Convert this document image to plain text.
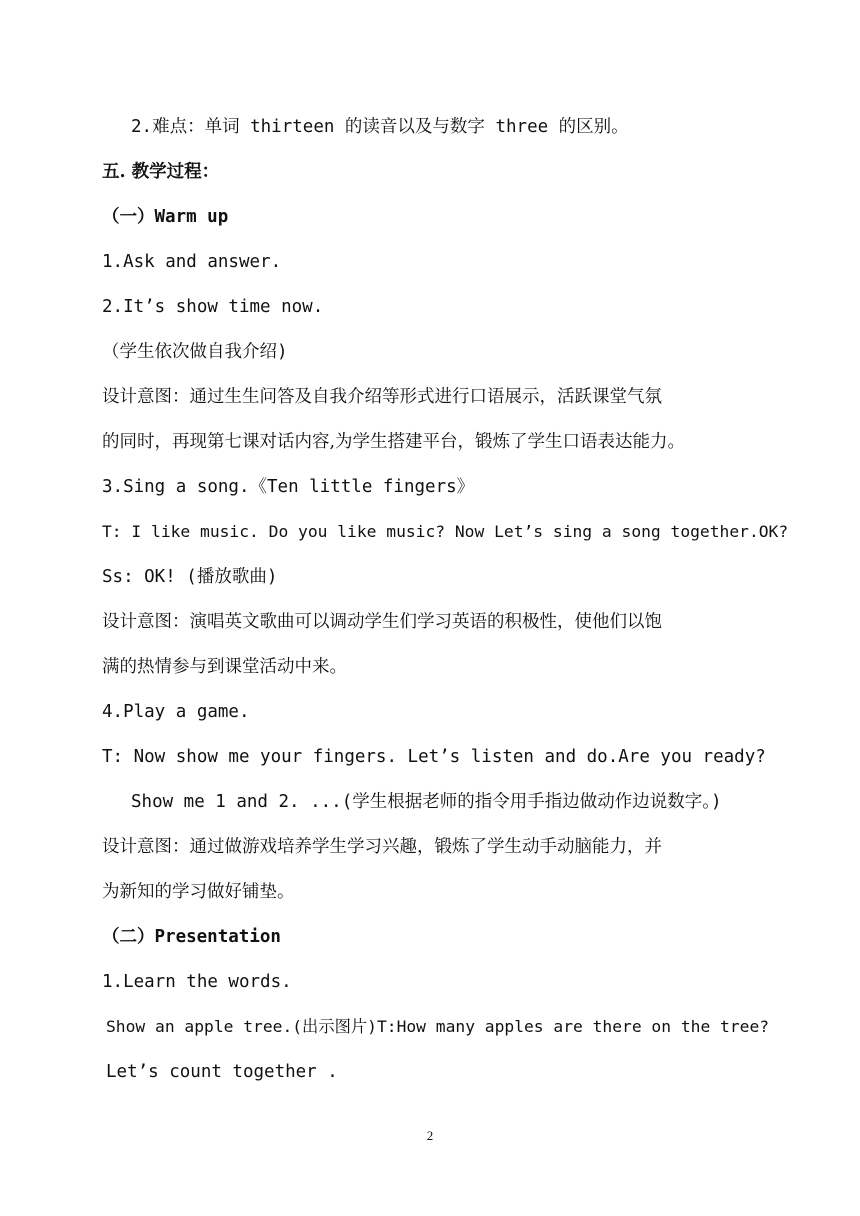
2.难点：单词 thirteen 的读音以及与数字 three 的区别。
五. 教学过程：
（一）Warm up
1.Ask and answer.
2.It’s show time now.
（学生依次做自我介绍)
设计意图：通过生生问答及自我介绍等形式进行口语展示，活跃课堂气氛
的同时，再现第七课对话内容,为学生搭建平台，锻炼了学生口语表达能力。
3.Sing a song.《Ten little fingers》
T: I like music. Do you like music? Now Let’s sing a song together.OK?
Ss: OK! (播放歌曲)
设计意图：演唱英文歌曲可以调动学生们学习英语的积极性，使他们以饱
满的热情参与到课堂活动中来。
4.Play a game.
T: Now show me your fingers. Let’s listen and do.Are you ready?
Show me 1 and 2. ...(学生根据老师的指令用手指边做动作边说数字。)
设计意图：通过做游戏培养学生学习兴趣，锻炼了学生动手动脑能力，并
为新知的学习做好铺垫。
（二）Presentation
1.Learn the words.
Show an apple tree.(出示图片)T:How many apples are there on the tree?
Let’s count together .
2
